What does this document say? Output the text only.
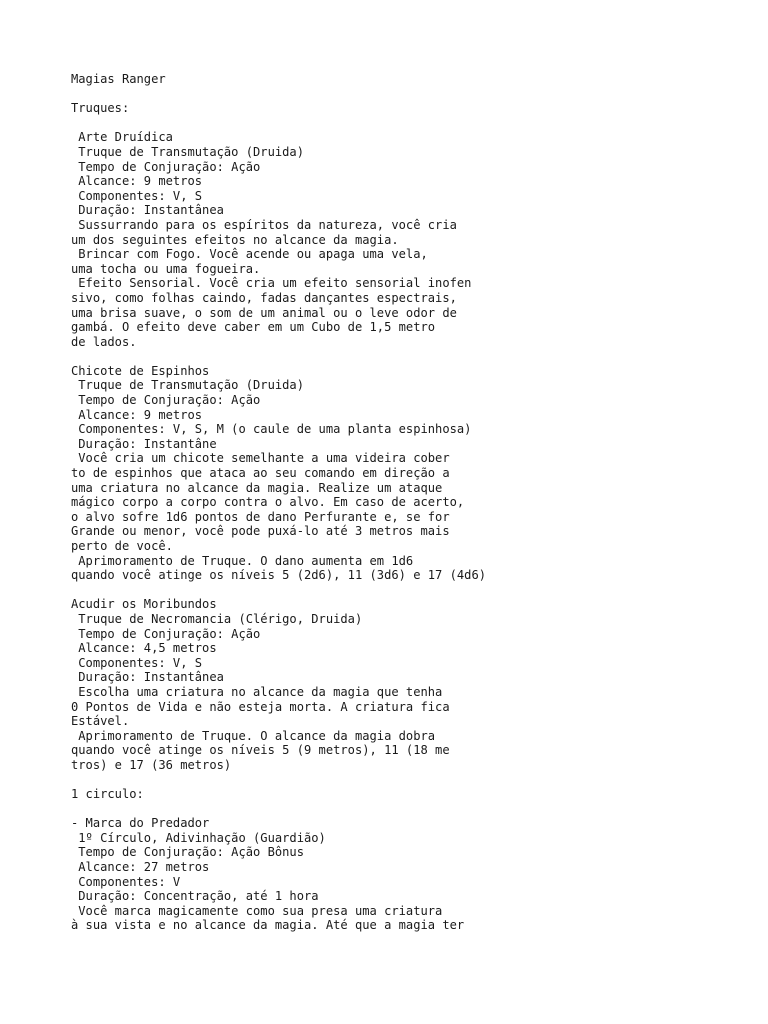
Magias Ranger
Truques:
Arte Druídica
Truque de Transmutação (Druida)
Tempo de Conjuração: Ação
Alcance: 9 metros
Componentes: V, S
Duração: Instantânea
Sussurrando para os espíritos da natureza, você cria
um dos seguintes efeitos no alcance da magia.
Brincar com Fogo. Você acende ou apaga uma vela,
uma tocha ou uma fogueira.
Efeito Sensorial. Você cria um efeito sensorial inofen
sivo, como folhas caindo, fadas dançantes espectrais,
uma brisa suave, o som de um animal ou o leve odor de
gambá. O efeito deve caber em um Cubo de 1,5 metro
de lados.
Chicote de Espinhos
Truque de Transmutação (Druida)
Tempo de Conjuração: Ação
Alcance: 9 metros
Componentes: V, S, M (o caule de uma planta espinhosa)
Duração: Instantâne
Você cria um chicote semelhante a uma videira cober
to de espinhos que ataca ao seu comando em direção a
uma criatura no alcance da magia. Realize um ataque
mágico corpo a corpo contra o alvo. Em caso de acerto,
o alvo sofre 1d6 pontos de dano Perfurante e, se for
Grande ou menor, você pode puxá-lo até 3 metros mais
perto de você.
Aprimoramento de Truque. O dano aumenta em 1d6
quando você atinge os níveis 5 (2d6), 11 (3d6) e 17 (4d6)
Acudir os Moribundos
Truque de Necromancia (Clérigo, Druida)
Tempo de Conjuração: Ação
Alcance: 4,5 metros
Componentes: V, S
Duração: Instantânea
Escolha uma criatura no alcance da magia que tenha
0 Pontos de Vida e não esteja morta. A criatura fica
Estável.
Aprimoramento de Truque. O alcance da magia dobra
quando você atinge os níveis 5 (9 metros), 11 (18 me
tros) e 17 (36 metros)
1 circulo:
- Marca do Predador
1º Círculo, Adivinhação (Guardião)
Tempo de Conjuração: Ação Bônus
Alcance: 27 metros
Componentes: V
Duração: Concentração, até 1 hora
Você marca magicamente como sua presa uma criatura
à sua vista e no alcance da magia. Até que a magia ter
